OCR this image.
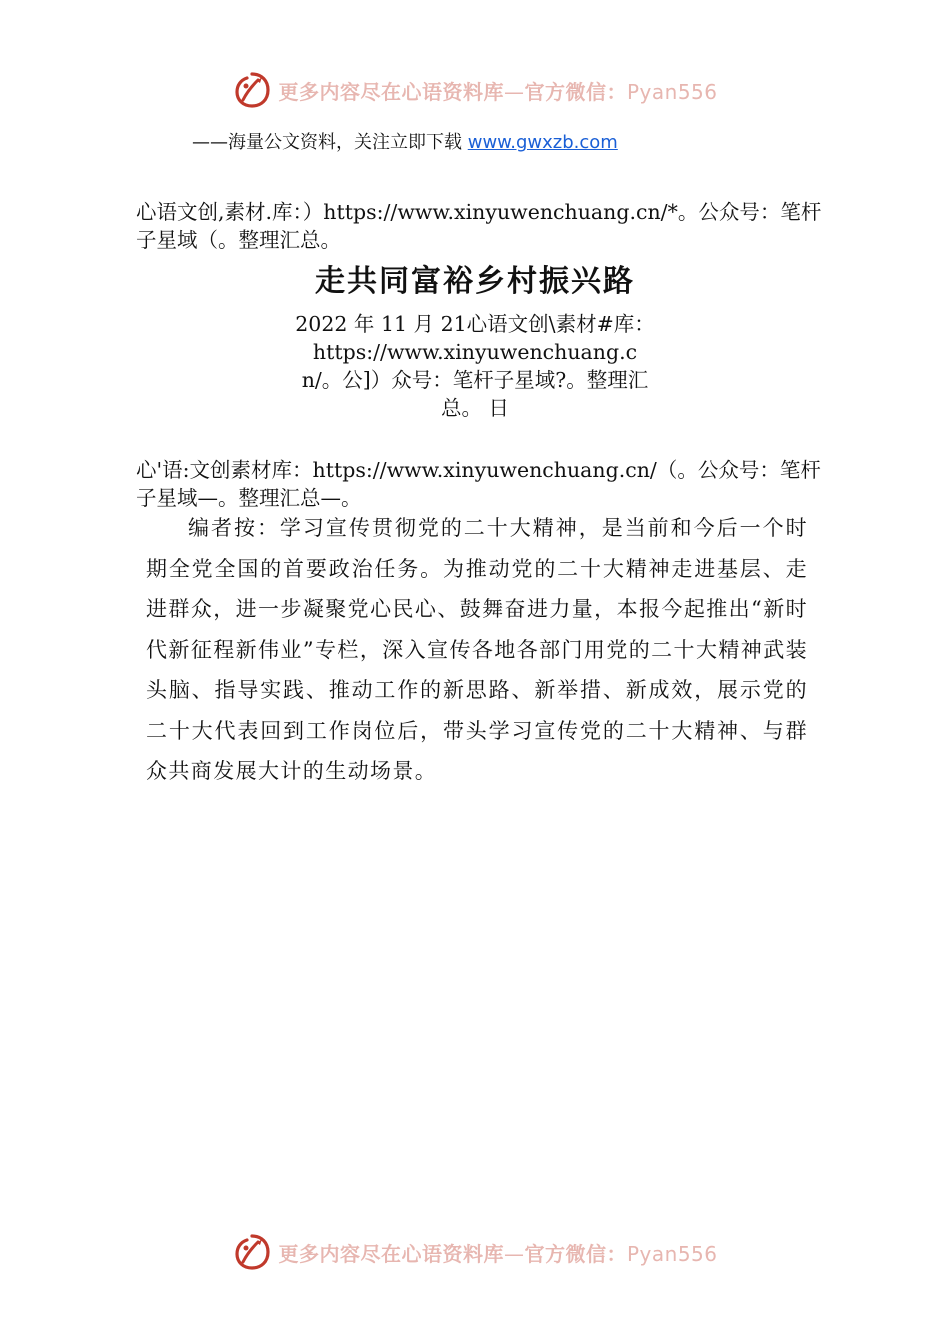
更多内容尽在心语资料库—官方微信：Pyan556
——海量公文资料，关注立即下载 www.gwxzb.com
心语文创,素材.库：）https://www.xinyuwenchuang.cn/*。公众号：笔杆子星域（。整理汇总。
走共同富裕乡村振兴路
2022 年 11 月 21心语文创\素材#库：https://www.xinyuwenchuang.cn/。公]）众号：笔杆子星域?。整理汇总。 日
心'语:文创素材库：https://www.xinyuwenchuang.cn/（。公众号：笔杆子星域—。整理汇总—。
编者按：学习宣传贯彻党的二十大精神，是当前和今后一个时期全党全国的首要政治任务。为推动党的二十大精神走进基层、走进群众，进一步凝聚党心民心、鼓舞奋进力量，本报今起推出“新时代新征程新伟业”专栏，深入宣传各地各部门用党的二十大精神武装头脑、指导实践、推动工作的新思路、新举措、新成效，展示党的二十大代表回到工作岗位后，带头学习宣传党的二十大精神、与群众共商发展大计的生动场景。
更多内容尽在心语资料库—官方微信：Pyan556
